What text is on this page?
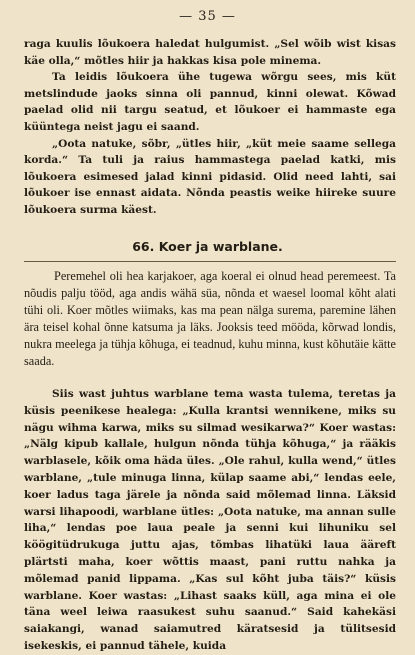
— 35 —

raga kuulis lõukoera haledat hulgumist. „Sel wõib wist kisas käe olla,“ mõtles hiir ja hakkas kisa pole minema.

Ta leidis lõukoera ühe tugewa wõrgu sees, mis küt metslindude jaoks sinna oli pannud, kinni olewat. Kõwad paelad olid nii targu seatud, et lõukoer ei hammaste ega küüntega neist jagu ei saand.

„Oota natuke, sõbr, „ütles hiir, „küt meie saame sellega korda.“ Ta tuli ja raius hammastega paelad katki, mis lõukoera esimesed jalad kinni pidasid. Olid need lahti, sai lõukoer ise ennast aidata. Nõnda peastis weike hiireke suure lõukoera surma käest.

66. Koer ja warblane.

Peremehel oli hea karjakoer, aga koeral ei olnud head peremeest. Ta nõudis palju tööd, aga andis wähä süa, nõnda et waesel loomal kõht alati tühi oli. Koer mõtles wiimaks, kas ma pean nälga surema, paremine lähen ära teisel kohal õnne katsuma ja läks. Jooksis teed mööda, kõrwad londis, nukra meelega ja tühja kõhuga, ei teadnud, kuhu minna, kust kõhutäie kätte saada.

Siis wast juhtus warblane tema wasta tulema, teretas ja küsis peenikese healega: „Kulla krantsi wennikene, miks su nägu wihma karwa, miks su silmad wesikarwa?“ Koer wastas: „Nälg kipub kallale, hulgun nõnda tühja kõhuga,“ ja rääkis warblasele, kõik oma häda üles. „Ole rahul, kulla wend,“ ütles warblane, „tule minuga linna, külap saame abi,“ lendas eele, koer ladus taga järele ja nõnda said mõlemad linna. Läksid warsi lihapoodi, warblane ütles: „Oota natuke, ma annan sulle liha,“ lendas poe laua peale ja senni kui lihuniku sel köögitüdrukuga juttu ajas, tõmbas lihatüki laua ääreft plärtsti maha, koer wõttis maast, pani ruttu nahka ja mõlemad panid lippama. „Kas sul kõht juba täis?“ küsis warblane. Koer wastas: „Lihast saaks küll, aga mina ei ole täna weel leiwa raasukest suhu saanud.“ Said kahekäsi saiakangi, wanad saiamutred käratsesid ja tülitsesid isekeskis, ei pannud tähele, kuida
